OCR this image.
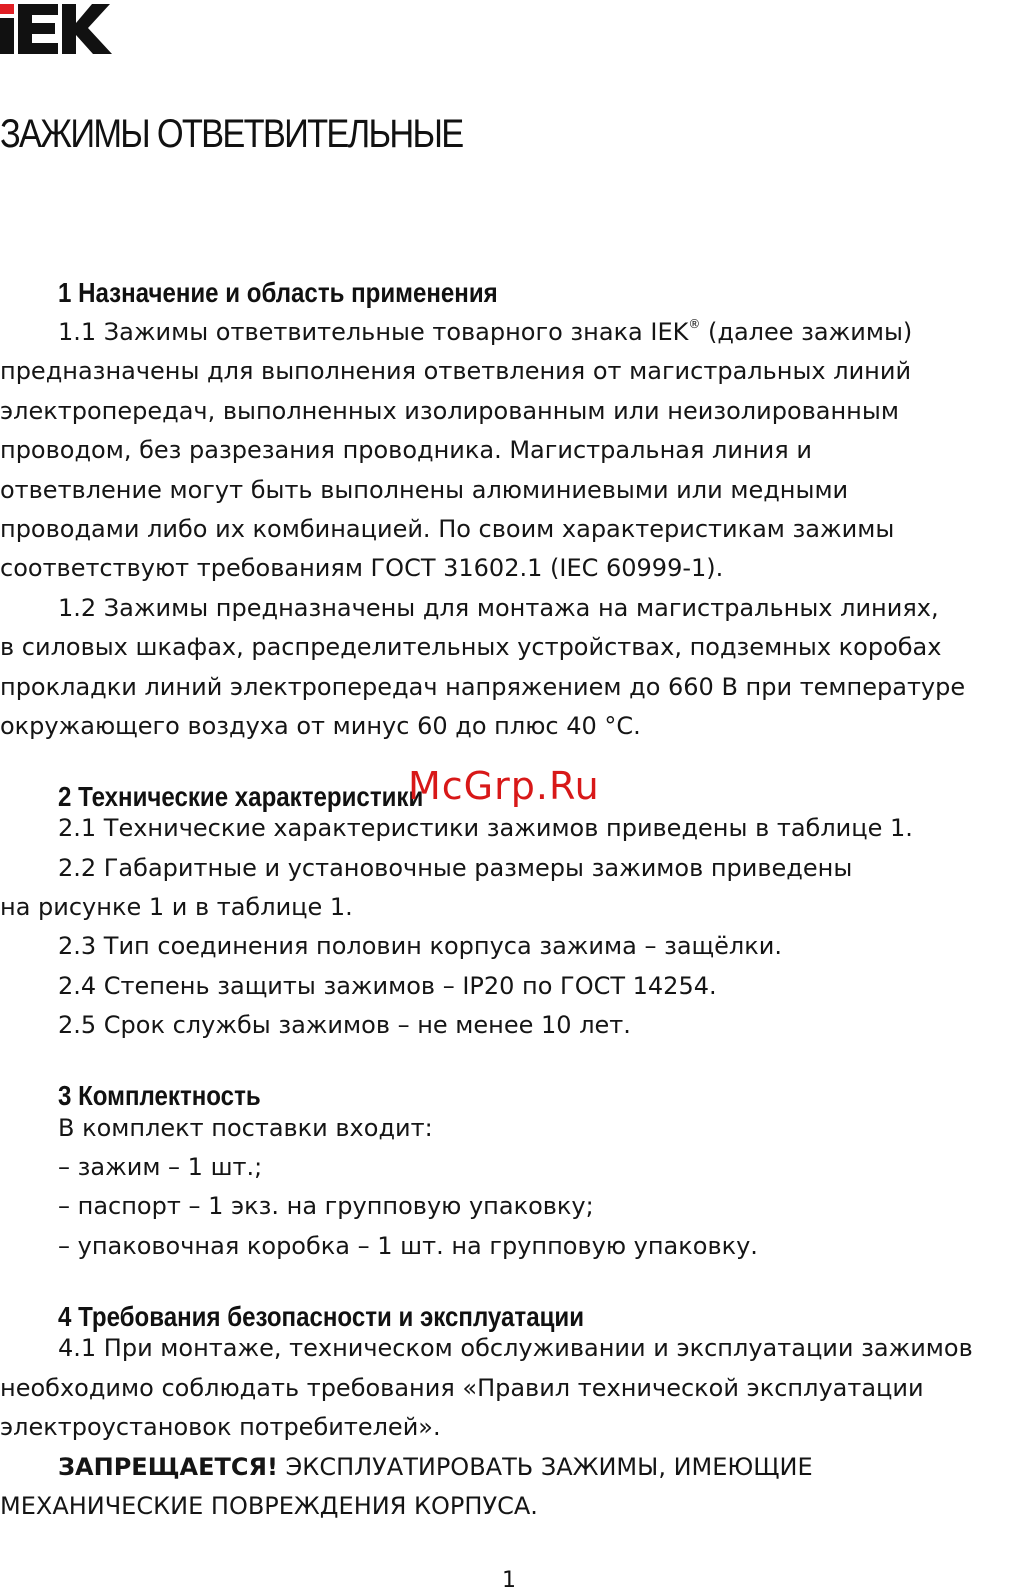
ЗАЖИМЫ ОТВЕТВИТЕЛЬНЫЕ
1 Назначение и область применения

1.1 Зажимы ответвительные товарного знака IEK® (далее зажимы)

предназначены для выполнения ответвления от магистральных линий

электропередач, выполненных изолированным или неизолированным

проводом, без разрезания проводника. Магистральная линия и

ответвление могут быть выполнены алюминиевыми или медными

проводами либо их комбинацией. По своим характеристикам зажимы

соответствуют требованиям ГОСТ 31602.1 (IEC 60999-1).

1.2 Зажимы предназначены для монтажа на магистральных линиях,

в силовых шкафах, распределительных устройствах, подземных коробах

прокладки линий электропередач напряжением до 660 В при температуре

окружающего воздуха от минус 60 до плюс 40 °С.

2 Технические характеристики
McGrp.Ru

2.1 Технические характеристики зажимов приведены в таблице 1.

2.2 Габаритные и установочные размеры зажимов приведены

на рисунке 1 и в таблице 1.

2.3 Тип соединения половин корпуса зажима – защёлки.

2.4 Степень защиты зажимов – IP20 по ГОСТ 14254.

2.5 Срок службы зажимов – не менее 10 лет.

3 Комплектность

В комплект поставки входит:

– зажим – 1 шт.;

– паспорт – 1 экз. на групповую упаковку;

– упаковочная коробка – 1 шт. на групповую упаковку.

4 Требования безопасности и эксплуатации

4.1 При монтаже, техническом обслуживании и эксплуатации зажимов

необходимо соблюдать требования «Правил технической эксплуатации

электроустановок потребителей».

ЗАПРЕЩАЕТСЯ! ЭКСПЛУАТИРОВАТЬ ЗАЖИМЫ, ИМЕЮЩИЕ

МЕХАНИЧЕСКИЕ ПОВРЕЖДЕНИЯ КОРПУСА.

1
